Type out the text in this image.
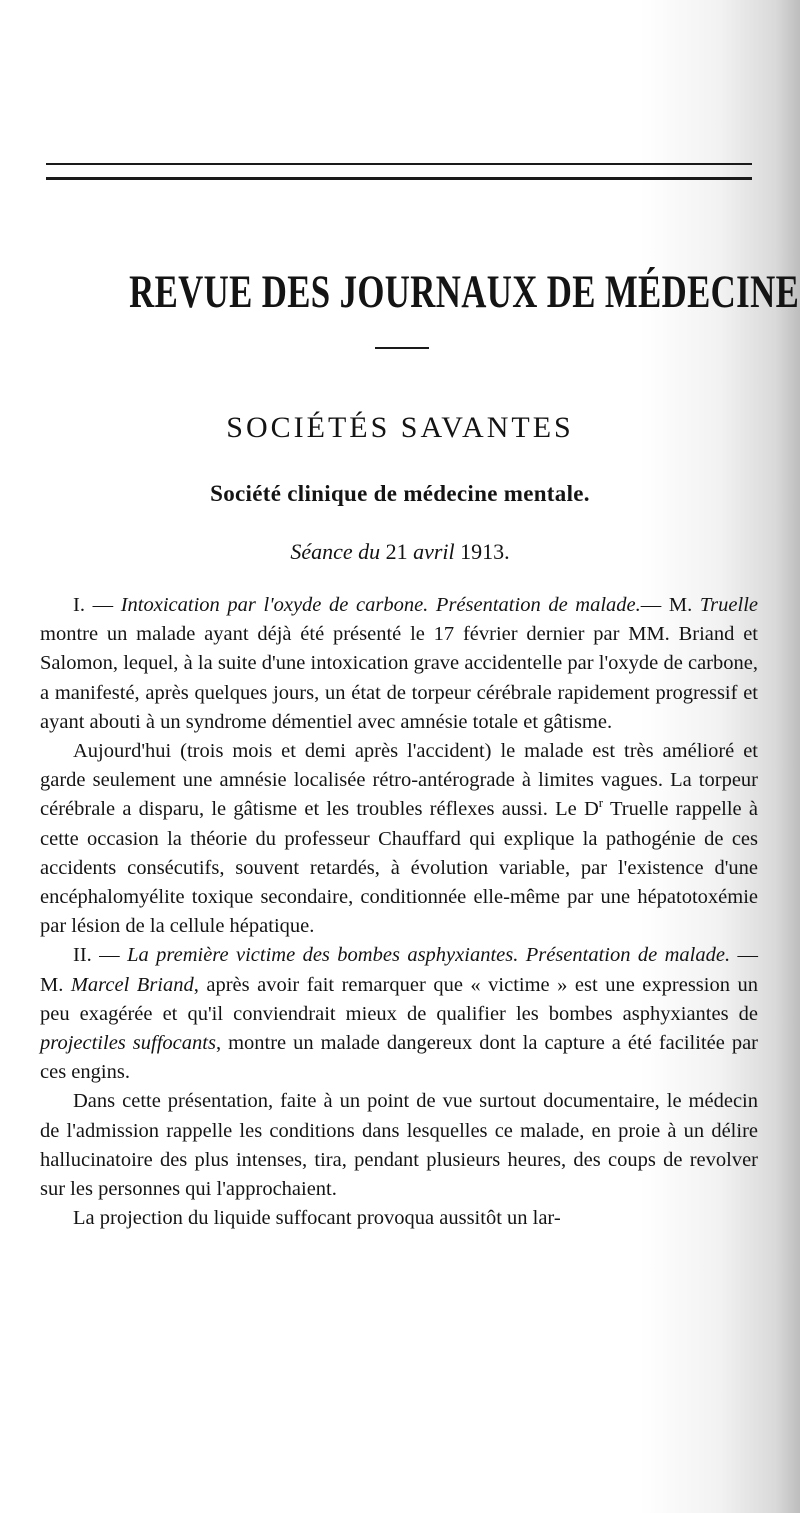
REVUE DES JOURNAUX DE MÉDECINE
SOCIÉTÉS SAVANTES
Société clinique de médecine mentale.

Séance du 21 avril 1913.

I. — Intoxication par l'oxyde de carbone. Présentation de malade.— M. Truelle montre un malade ayant déjà été présenté le 17 février dernier par MM. Briand et Salomon, lequel, à la suite d'une intoxication grave accidentelle par l'oxyde de carbone, a manifesté, après quelques jours, un état de torpeur cérébrale rapidement progressif et ayant abouti à un syndrome démentiel avec amnésie totale et gâtisme.

Aujourd'hui (trois mois et demi après l'accident) le malade est très amélioré et garde seulement une amnésie localisée rétro-antérograde à limites vagues. La torpeur cérébrale a disparu, le gâtisme et les troubles réflexes aussi. Le $D^r$ Truelle rappelle à cette occasion la théorie du professeur Chauffard qui explique la pathogénie de ces accidents consécutifs, souvent retardés, à évolution variable, par l'existence d'une encéphalomyélite toxique secondaire, conditionnée elle-même par une hépatotoxémie par lésion de la cellule hépatique.

II. — La première victime des bombes asphyxiantes. Présentation de malade. — M. Marcel Briand, après avoir fait remarquer que « victime » est une expression un peu exagérée et qu'il conviendrait mieux de qualifier les bombes asphyxiantes de projectiles suffocants, montre un malade dangereux dont la capture a été facilitée par ces engins.

Dans cette présentation, faite à un point de vue surtout documentaire, le médecin de l'admission rappelle les conditions dans lesquelles ce malade, en proie à un délire hallucinatoire des plus intenses, tira, pendant plusieurs heures, des coups de revolver sur les personnes qui l'approchaient.

La projection du liquide suffocant provoqua aussitôt un lar-
